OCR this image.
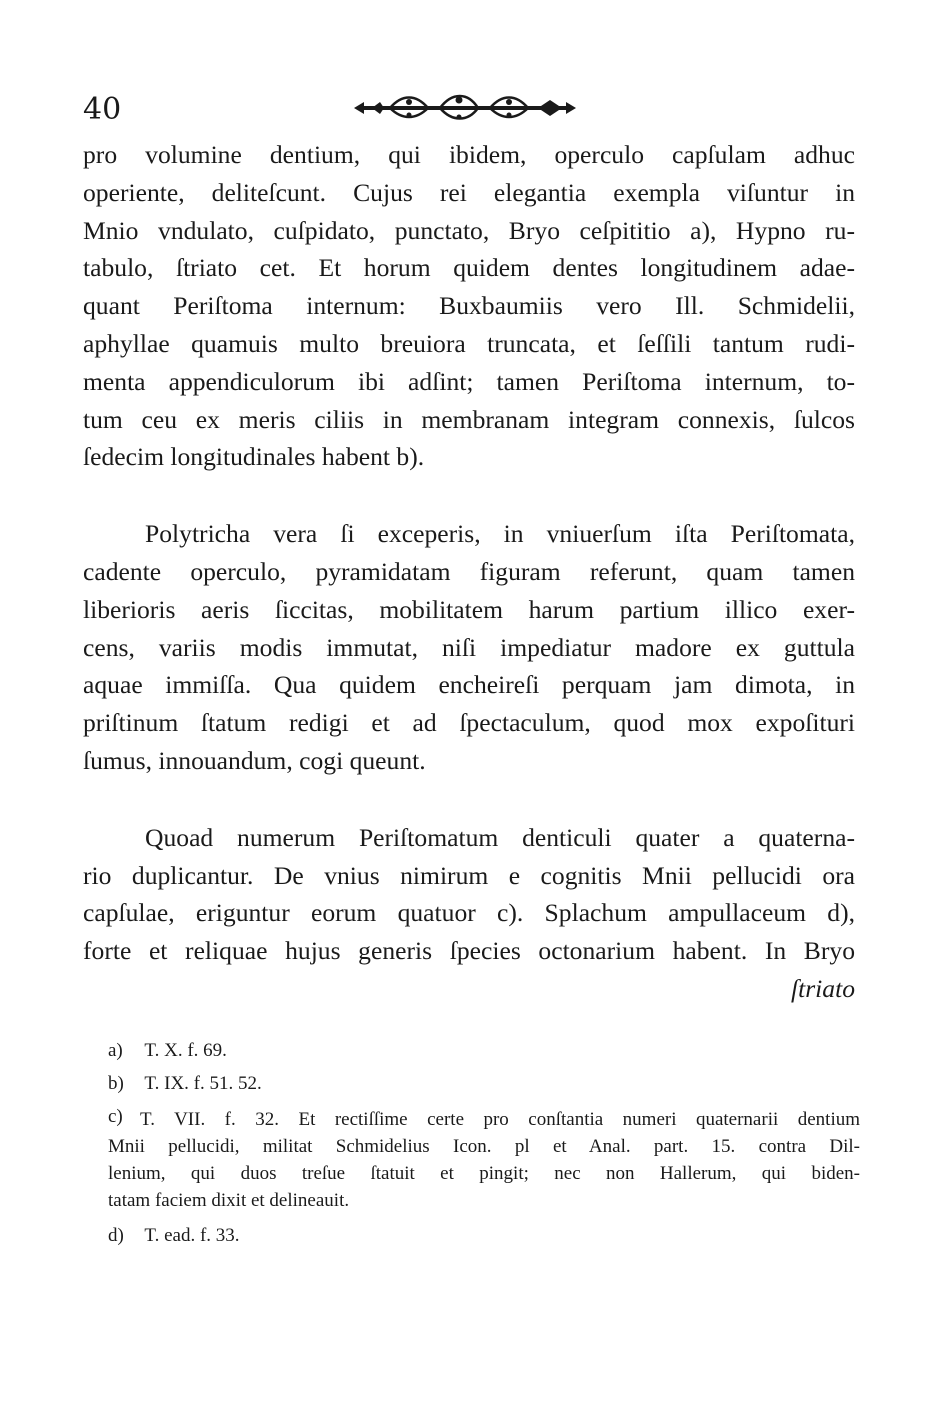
40
pro volumine dentium, qui ibidem, operculo capſulam adhuc
operiente, deliteſcunt. Cujus rei elegantia exempla viſuntur in
Mnio vndulato, cuſpidato, punctato, Bryo ceſpititio a), Hypno ru-
tabulo, ſtriato cet. Et horum quidem dentes longitudinem adae-
quant Periſtoma internum: Buxbaumiis vero Ill. Schmidelii,
aphyllae quamuis multo breuiora truncata, et ſeſſili tantum rudi-
menta appendiculorum ibi adſint; tamen Periſtoma internum, to-
tum ceu ex meris ciliis in membranam integram connexis, ſulcos
ſedecim longitudinales habent b).
Polytricha vera ſi exceperis, in vniuerſum iſta Periſtomata,
cadente operculo, pyramidatam figuram referunt, quam tamen
liberioris aeris ſiccitas, mobilitatem harum partium illico exer-
cens, variis modis immutat, niſi impediatur madore ex guttula
aquae immiſſa. Qua quidem encheireſi perquam jam dimota, in
priſtinum ſtatum redigi et ad ſpectaculum, quod mox expoſituri
ſumus, innouandum, cogi queunt.
Quoad numerum Periſtomatum denticuli quater a quaterna-
rio duplicantur. De vnius nimirum e cognitis Mnii pellucidi ora
capſulae, eriguntur eorum quatuor c). Splachum ampullaceum d),
forte et reliquae hujus generis ſpecies octonarium habent. In Bryo
ſtriato
a) T. X. f. 69.
b) T. IX. f. 51. 52.
c) T. VII. f. 32. Et rectiſſime certe pro conſtantia numeri quaternarii dentium
Mnii pellucidi, militat Schmidelius Icon. pl et Anal. part. 15. contra Dil-
lenium, qui duos treſue ſtatuit et pingit; nec non Hallerum, qui biden-
tatam faciem dixit et delineauit.
d) T. ead. f. 33.
